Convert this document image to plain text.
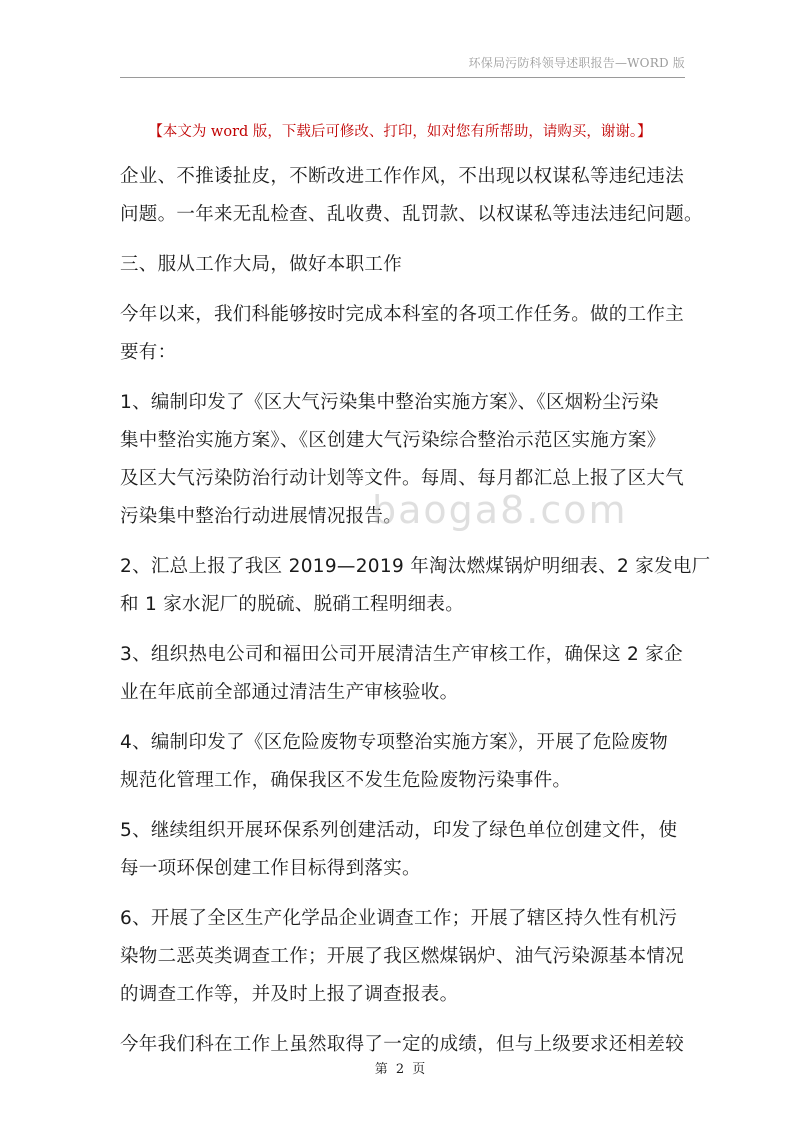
环保局污防科领导述职报告—WORD 版
【本文为 word 版，下载后可修改、打印，如对您有所帮助，请购买，谢谢。】
企业、不推诿扯皮，不断改进工作作风，不出现以权谋私等违纪违法
问题。一年来无乱检查、乱收费、乱罚款、以权谋私等违法违纪问题。
三、服从工作大局，做好本职工作
今年以来，我们科能够按时完成本科室的各项工作任务。做的工作主
要有：
1、编制印发了《区大气污染集中整治实施方案》、《区烟粉尘污染
集中整治实施方案》、《区创建大气污染综合整治示范区实施方案》
及区大气污染防治行动计划等文件。每周、每月都汇总上报了区大气
污染集中整治行动进展情况报告。
2、汇总上报了我区 2019—2019 年淘汰燃煤锅炉明细表、2 家发电厂
和 1 家水泥厂的脱硫、脱硝工程明细表。
3、组织热电公司和福田公司开展清洁生产审核工作，确保这 2 家企
业在年底前全部通过清洁生产审核验收。
4、编制印发了《区危险废物专项整治实施方案》，开展了危险废物
规范化管理工作，确保我区不发生危险废物污染事件。
5、继续组织开展环保系列创建活动，印发了绿色单位创建文件，使
每一项环保创建工作目标得到落实。
6、开展了全区生产化学品企业调查工作；开展了辖区持久性有机污
染物二恶英类调查工作；开展了我区燃煤锅炉、油气污染源基本情况
的调查工作等，并及时上报了调查报表。
今年我们科在工作上虽然取得了一定的成绩，但与上级要求还相差较
baoga8.com
第 2 页
